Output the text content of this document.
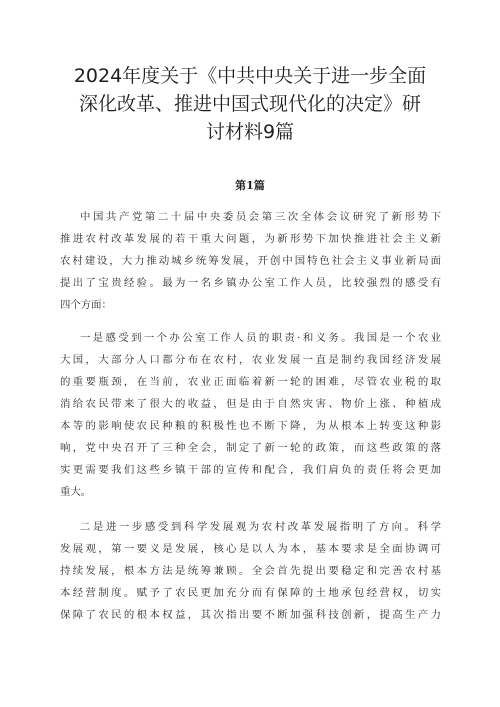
2024年度关于《中共中央关于进一步全面
深化改革、推进中国式现代化的决定》研
讨材料9篇
第1篇
中国共产党第二十届中央委员会第三次全体会议研究了新形势下
推进农村改革发展的若干重大问题，为新形势下加快推进社会主义新
农村建设，大力推动城乡统筹发展，开创中国特色社会主义事业新局面
提出了宝贵经验。最为一名乡镇办公室工作人员，比较强烈的感受有
四个方面：
一是感受到一个办公室工作人员的职责·和义务。我国是一个农业
大国，大部分人口都分布在农村，农业发展一直是制约我国经济发展
的重要瓶颈，在当前，农业正面临着新一轮的困难，尽管农业税的取
消给农民带来了很大的收益，但是由于自然灾害、物价上涨、种植成
本等的影响使农民种粮的积极性也不断下降，为从根本上转变这种影
响，党中央召开了三种全会，制定了新一轮的政策，而这些政策的落
实更需要我们这些乡镇干部的宣传和配合，我们肩负的责任将会更加
重大。
二是进一步感受到科学发展观为农村改革发展指明了方向。科学
发展观，第一要义是发展，核心是以人为本，基本要求是全面协调可
持续发展，根本方法是统筹兼顾。全会首先提出要稳定和完善农村基
本经营制度。赋予了农民更加充分而有保障的土地承包经营权，切实
保障了农民的根本权益，其次指出要不断加强科技创新，提高生产力
